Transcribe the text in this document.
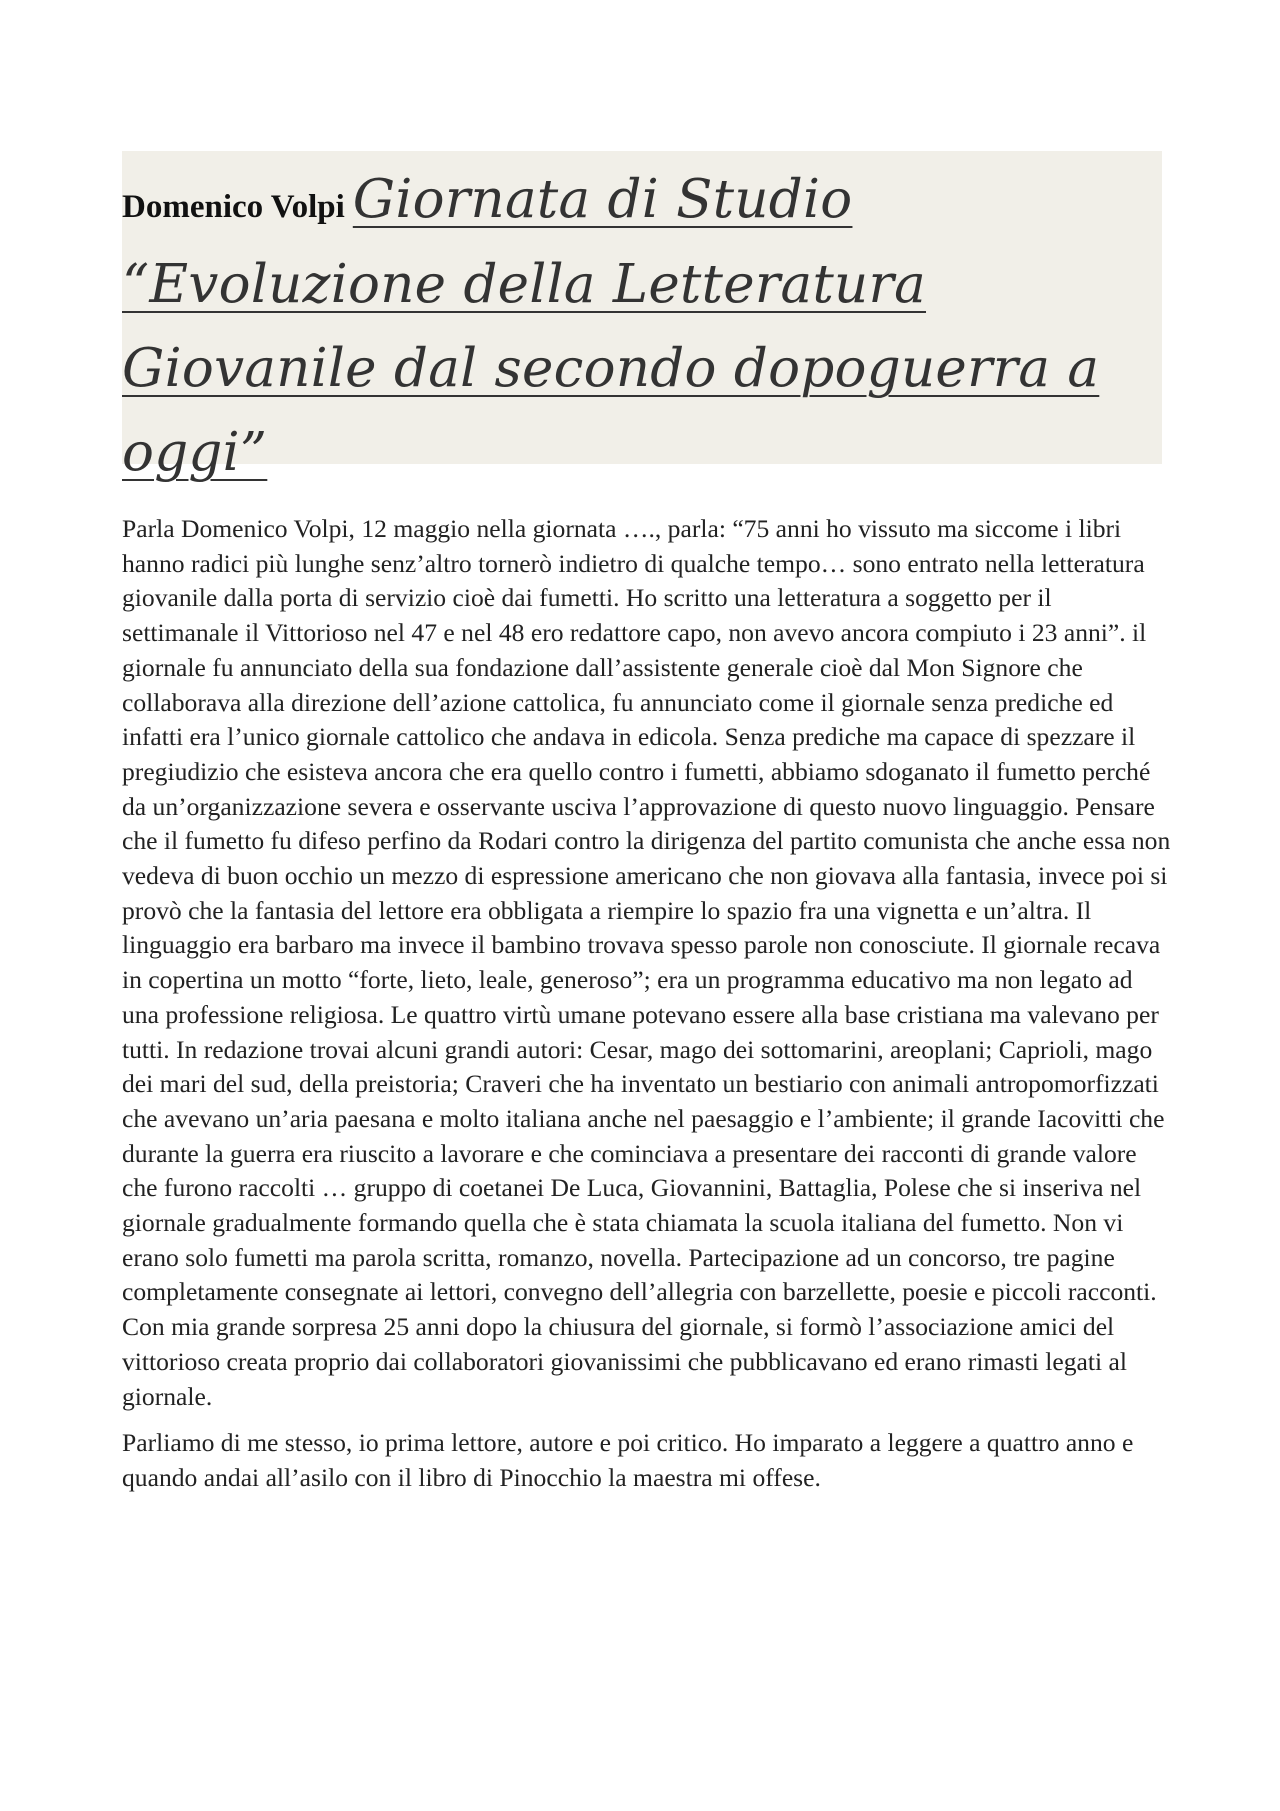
Domenico Volpi Giornata di Studio “Evoluzione della Letteratura Giovanile dal secondo dopoguerra a oggi”

Parla Domenico Volpi, 12 maggio nella giornata …., parla: “75 anni ho vissuto ma siccome i libri hanno radici più lunghe senz’altro tornerò indietro di qualche tempo… sono entrato nella letteratura giovanile dalla porta di servizio cioè dai fumetti. Ho scritto una letteratura a soggetto per il settimanale il Vittorioso nel 47 e nel 48 ero redattore capo, non avevo ancora compiuto i 23 anni”. il giornale fu annunciato della sua fondazione dall’assistente generale cioè dal Mon Signore che collaborava alla direzione dell’azione cattolica, fu annunciato come il giornale senza prediche ed infatti era l’unico giornale cattolico che andava in edicola. Senza prediche ma capace di spezzare il pregiudizio che esisteva ancora che era quello contro i fumetti, abbiamo sdoganato il fumetto perché da un’organizzazione severa e osservante usciva l’approvazione di questo nuovo linguaggio. Pensare che il fumetto fu difeso perfino da Rodari contro la dirigenza del partito comunista che anche essa non vedeva di buon occhio un mezzo di espressione americano che non giovava alla fantasia, invece poi si provò che la fantasia del lettore era obbligata a riempire lo spazio fra una vignetta e un’altra. Il linguaggio era barbaro ma invece il bambino trovava spesso parole non conosciute. Il giornale recava in copertina un motto “forte, lieto, leale, generoso”; era un programma educativo ma non legato ad una professione religiosa. Le quattro virtù umane potevano essere alla base cristiana ma valevano per tutti. In redazione trovai alcuni grandi autori: Cesar, mago dei sottomarini, areoplani; Caprioli, mago dei mari del sud, della preistoria; Craveri che ha inventato un bestiario con animali antropomorfizzati che avevano un’aria paesana e molto italiana anche nel paesaggio e l’ambiente; il grande Iacovitti che durante la guerra era riuscito a lavorare e che cominciava a presentare dei racconti di grande valore che furono raccolti … gruppo di coetanei De Luca, Giovannini, Battaglia, Polese che si inseriva nel giornale gradualmente formando quella che è stata chiamata la scuola italiana del fumetto. Non vi erano solo fumetti ma parola scritta, romanzo, novella. Partecipazione ad un concorso, tre pagine completamente consegnate ai lettori, convegno dell’allegria con barzellette, poesie e piccoli racconti. Con mia grande sorpresa 25 anni dopo la chiusura del giornale, si formò l’associazione amici del vittorioso creata proprio dai collaboratori giovanissimi che pubblicavano ed erano rimasti legati al giornale.

Parliamo di me stesso, io prima lettore, autore e poi critico. Ho imparato a leggere a quattro anno e quando andai all’asilo con il libro di Pinocchio la maestra mi offese.
